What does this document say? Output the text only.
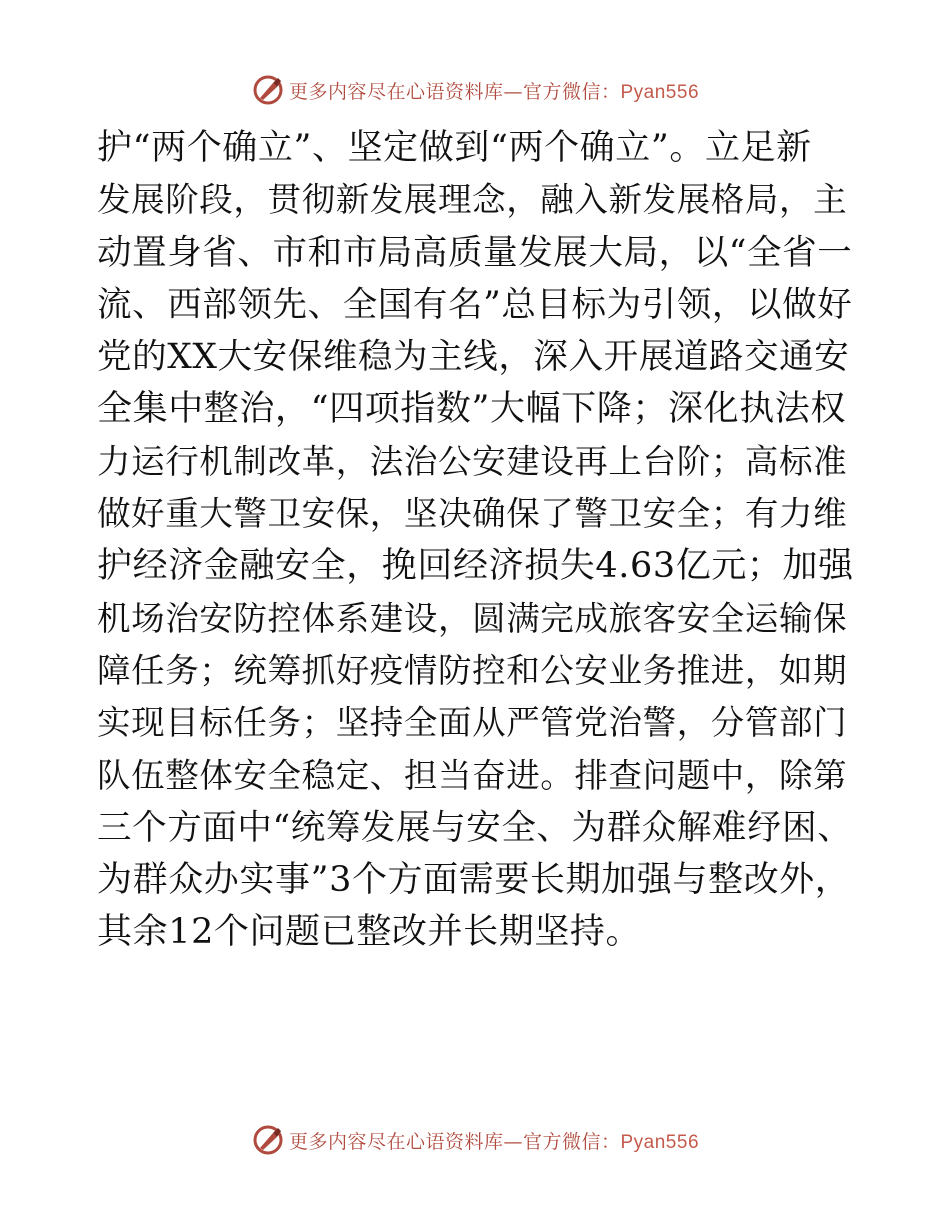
更多内容尽在心语资料库—官方微信：Pyan556
护“两个确立”、坚定做到“两个确立”。立足新
发展阶段，贯彻新发展理念，融入新发展格局，主
动置身省、市和市局高质量发展大局，以“全省一
流、西部领先、全国有名”总目标为引领，以做好
党的XX大安保维稳为主线，深入开展道路交通安
全集中整治，“四项指数”大幅下降；深化执法权
力运行机制改革，法治公安建设再上台阶；高标准
做好重大警卫安保，坚决确保了警卫安全；有力维
护经济金融安全，挽回经济损失4.63亿元；加强
机场治安防控体系建设，圆满完成旅客安全运输保
障任务；统筹抓好疫情防控和公安业务推进，如期
实现目标任务；坚持全面从严管党治警，分管部门
队伍整体安全稳定、担当奋进。排查问题中，除第
三个方面中“统筹发展与安全、为群众解难纾困、
为群众办实事”3个方面需要长期加强与整改外，
其余12个问题已整改并长期坚持。
更多内容尽在心语资料库—官方微信：Pyan556
